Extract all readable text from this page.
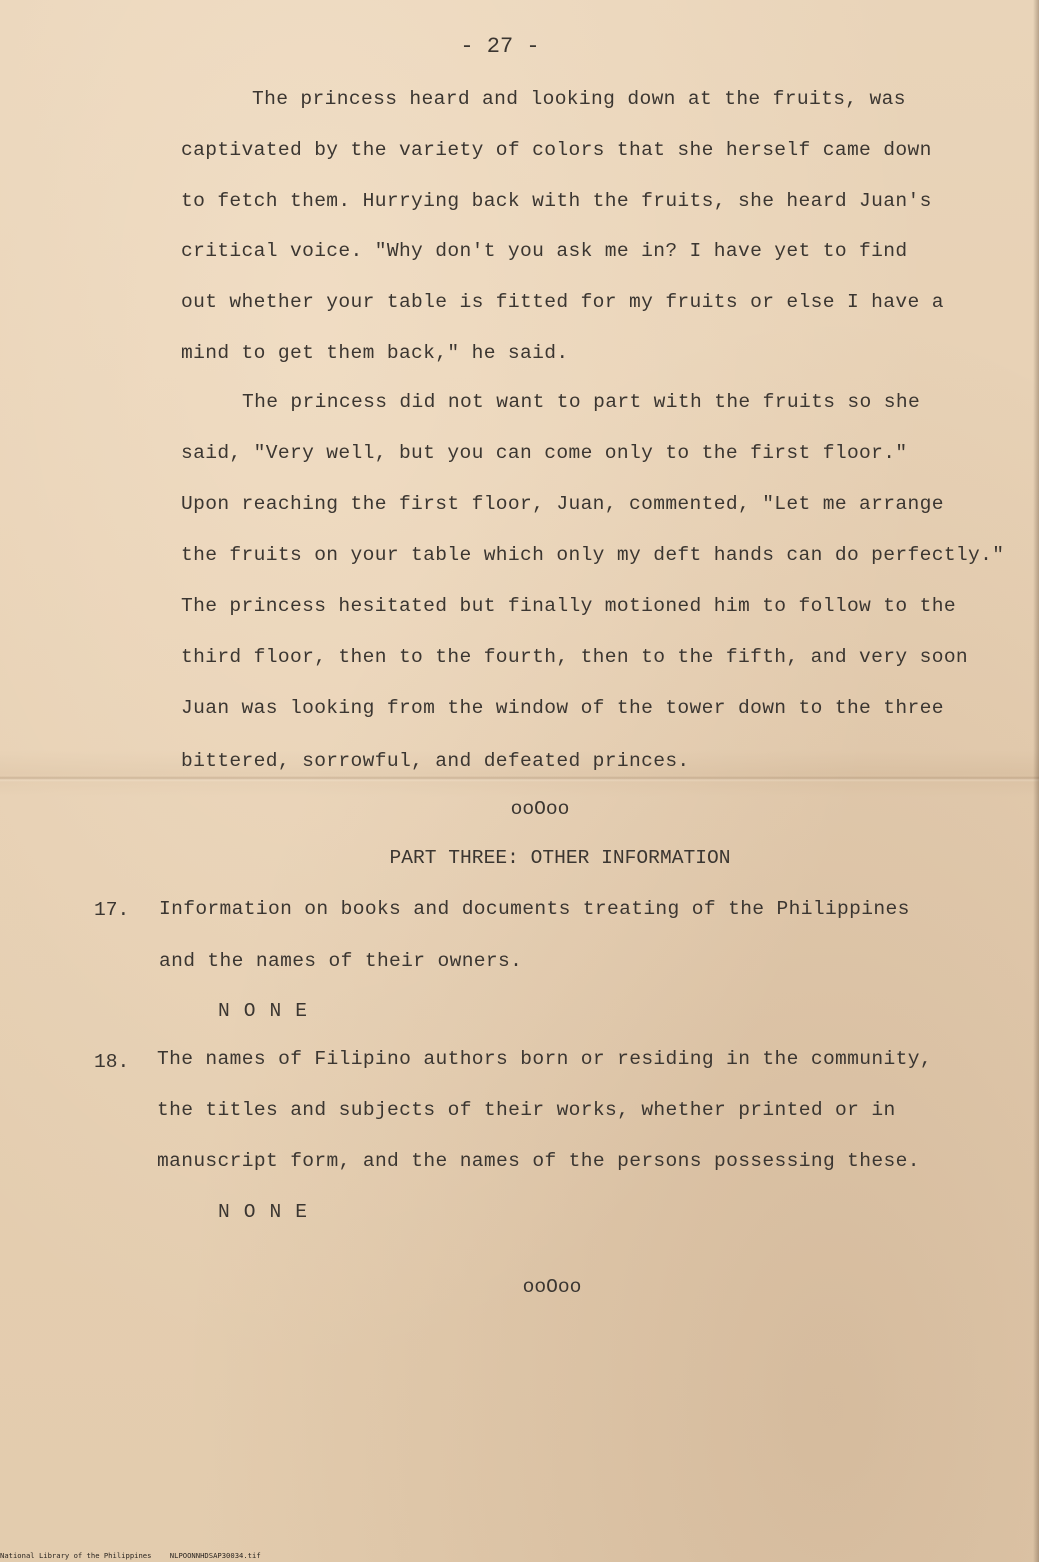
- 27 -
The princess heard and looking down at the fruits, was
captivated by the variety of colors that she herself came down
to fetch them. Hurrying back with the fruits, she heard Juan's
critical voice. "Why don't you ask me in? I have yet to find
out whether your table is fitted for my fruits or else I have a
mind to get them back," he said.
The princess did not want to part with the fruits so she
said, "Very well, but you can come only to the first floor."
Upon reaching the first floor, Juan, commented, "Let me arrange
the fruits on your table which only my deft hands can do perfectly."
The princess hesitated but finally motioned him to follow to the
third floor, then to the fourth, then to the fifth, and very soon
Juan was looking from the window of the tower down to the three
bittered, sorrowful, and defeated princes.
ooOoo
PART THREE: OTHER INFORMATION
17. Information on books and documents treating of the Philippines
and the names of their owners.
NONE
18. The names of Filipino authors born or residing in the community,
the titles and subjects of their works, whether printed or in
manuscript form, and the names of the persons possessing these.
NONE
ooOoo
National Library of the Philippines	NLPOONNHDSAP30034.tif
